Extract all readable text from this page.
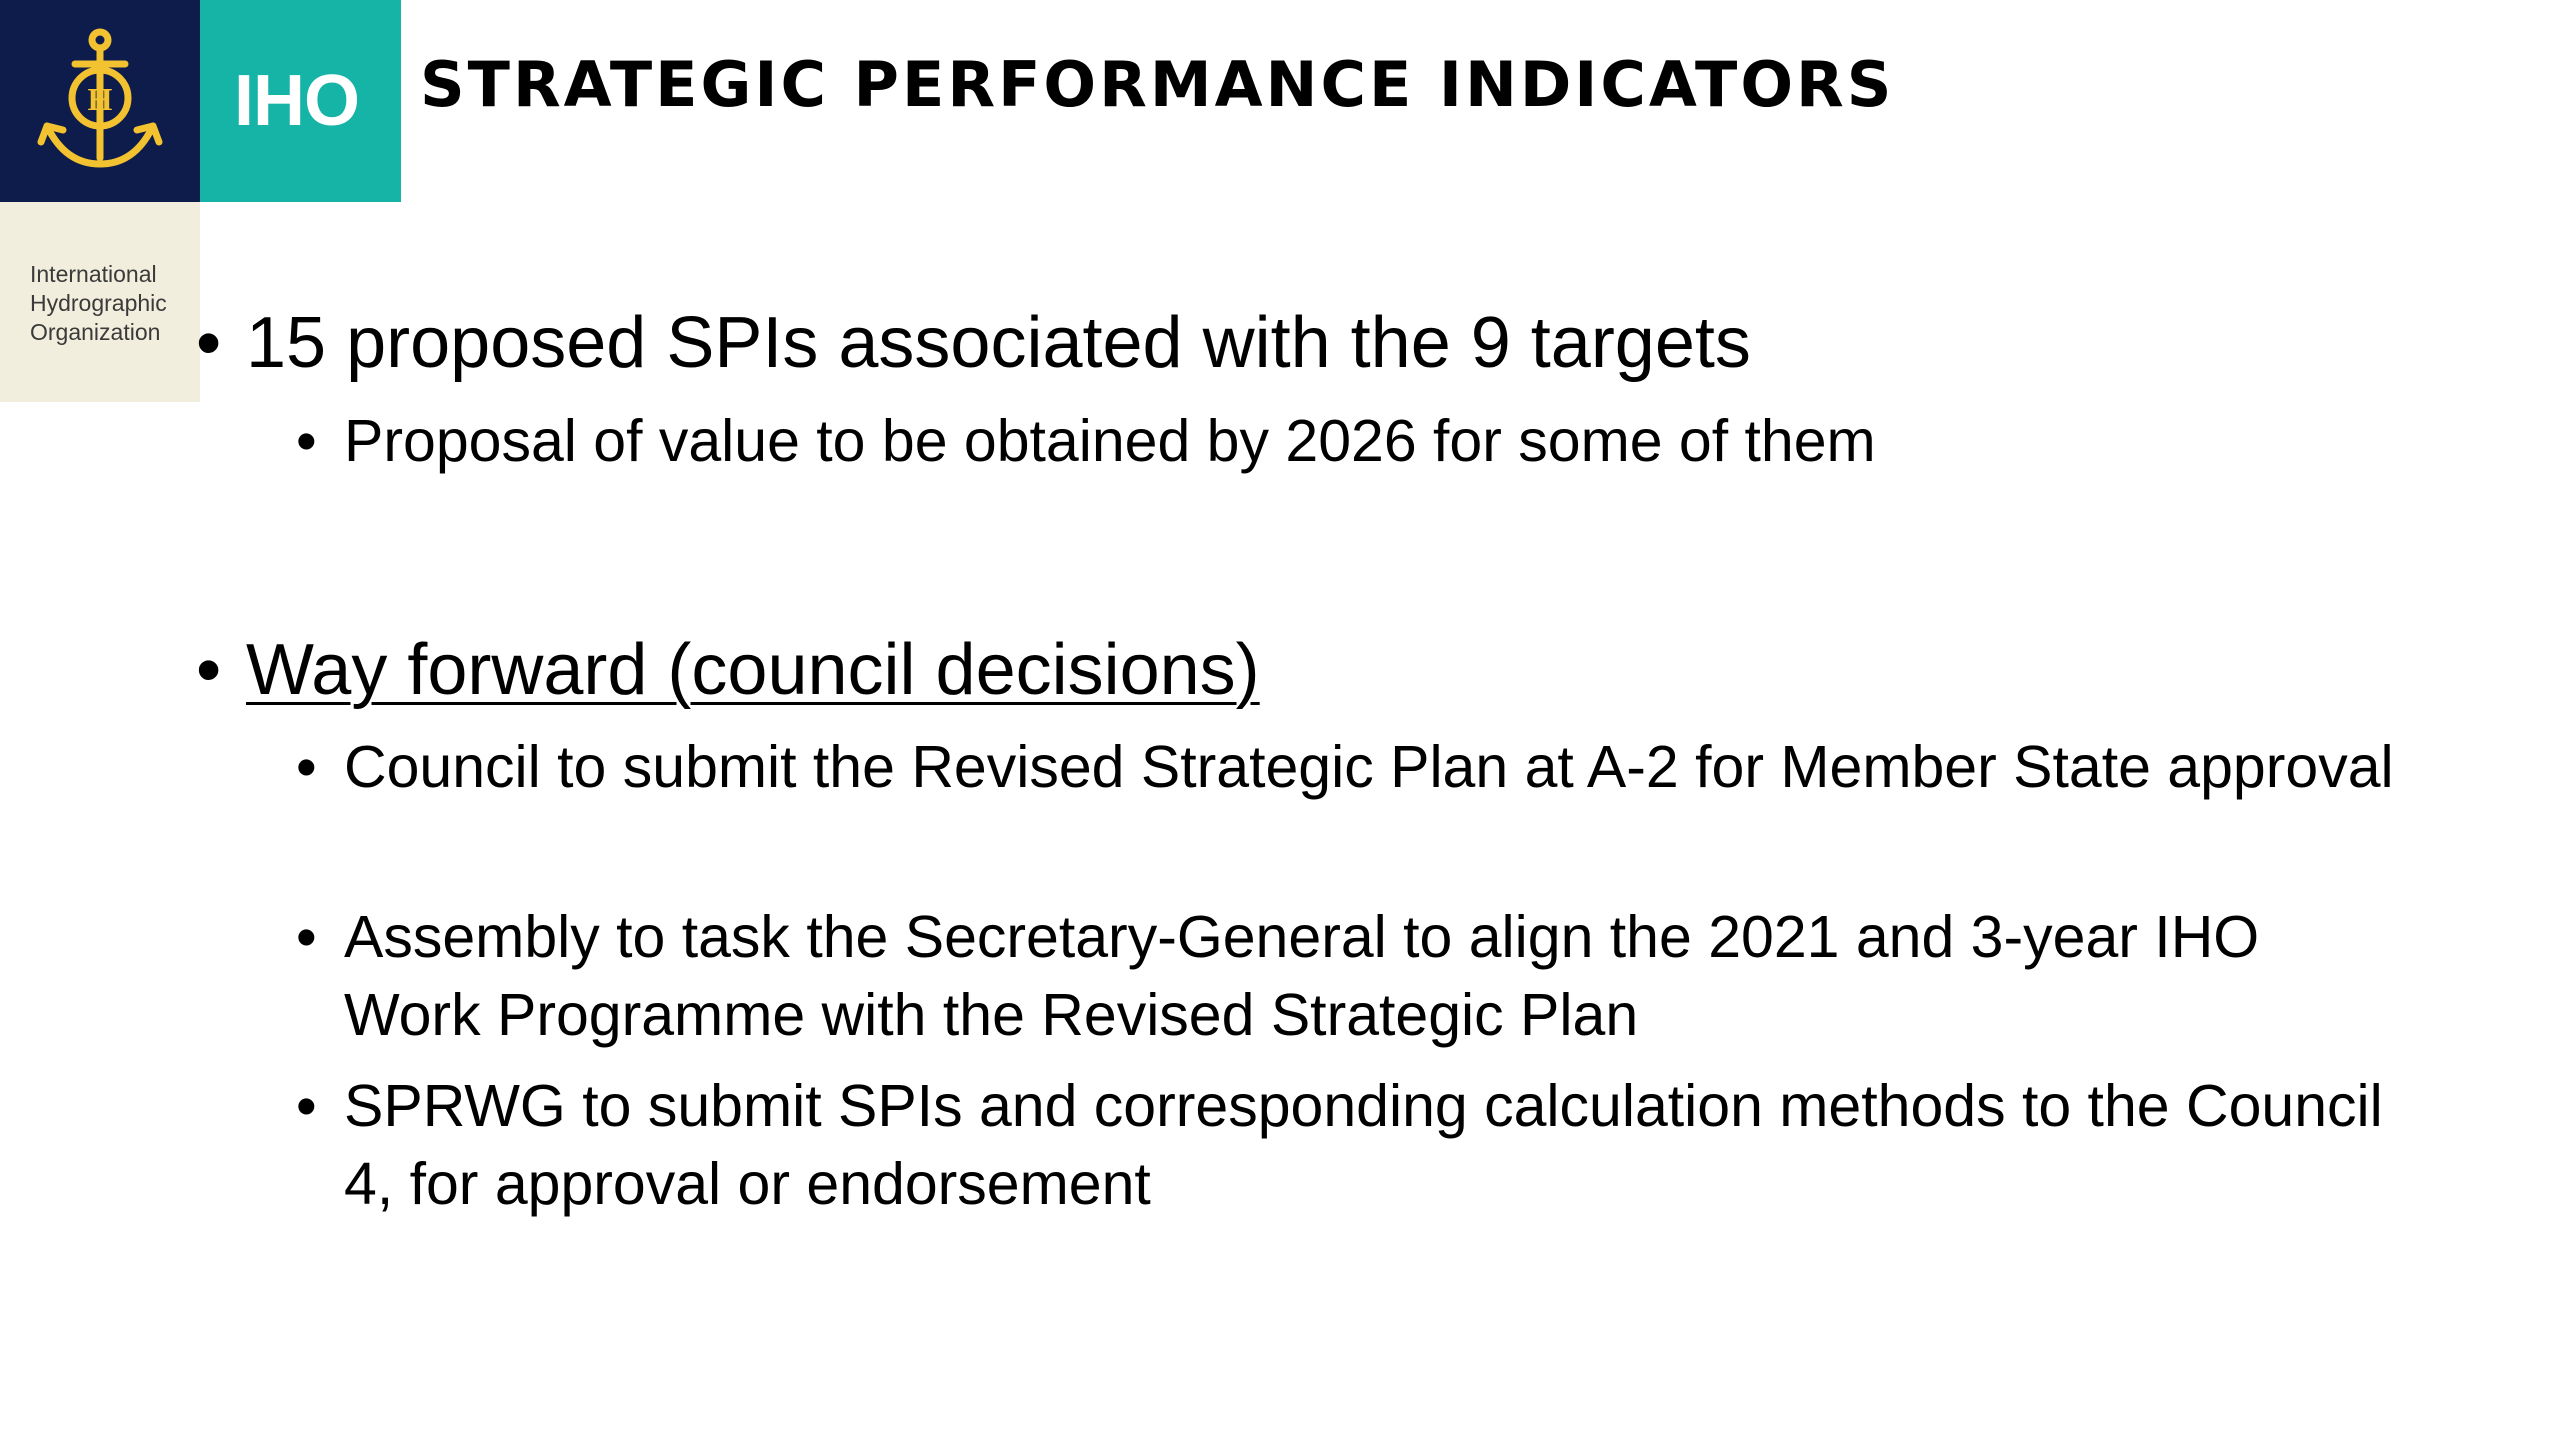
H IHO
International
Hydrographic
Organization
STRATEGIC PERFORMANCE INDICATORS
• 15 proposed SPIs associated with the 9 targets
• Proposal of value to be obtained by 2026 for some of them
• Way forward (council decisions)
• Council to submit the Revised Strategic Plan at A-2 for Member State approval
• Assembly to task the Secretary-General to align the 2021 and 3-year IHO Work Programme with the Revised Strategic Plan
• SPRWG to submit SPIs and corresponding calculation methods to the Council 4, for approval or endorsement
